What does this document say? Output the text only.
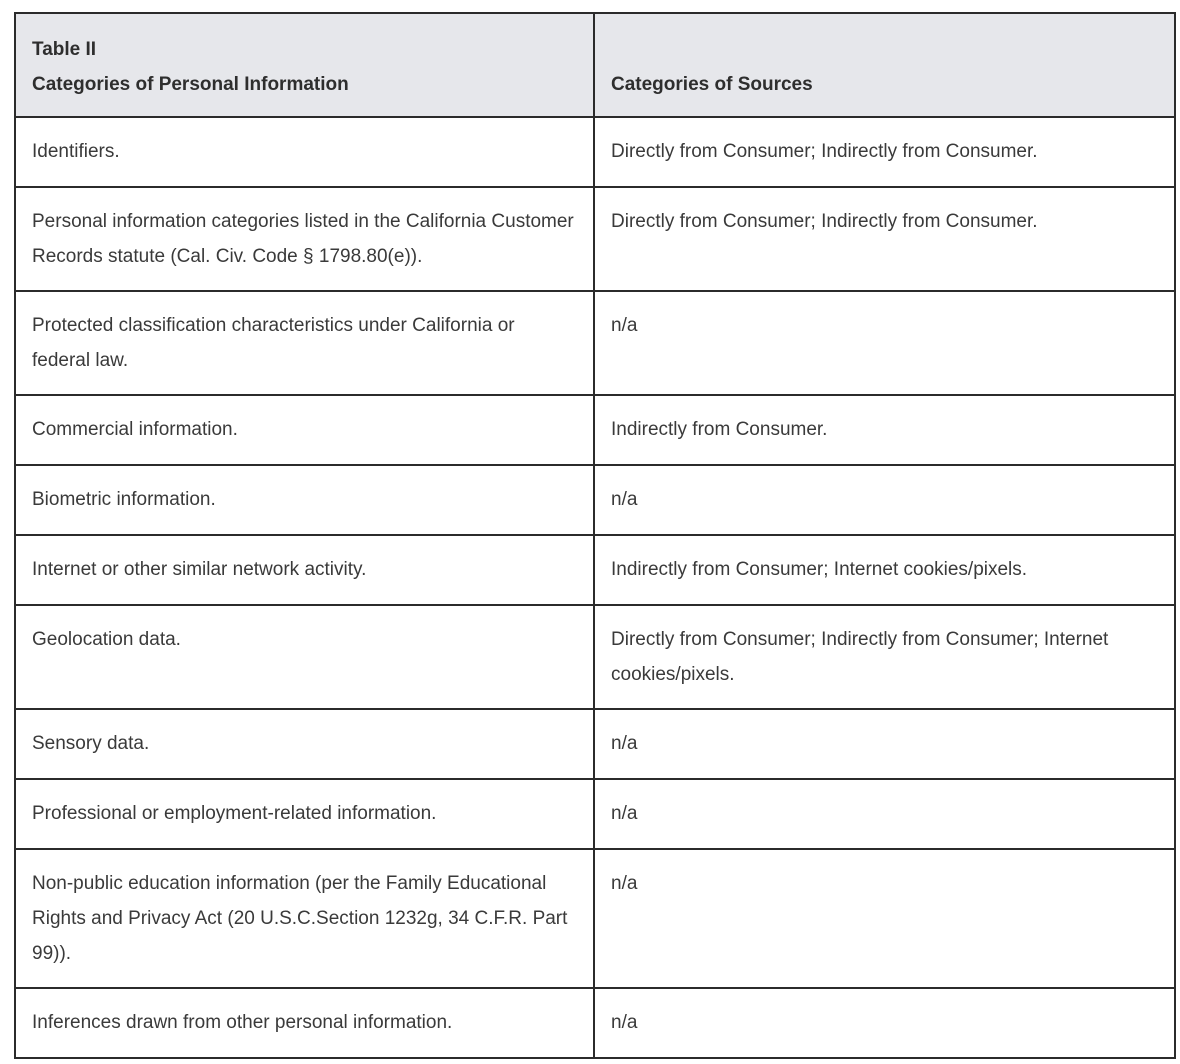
Table II
Categories of Personal Information	Categories of Sources

Identifiers.	Directly from Consumer; Indirectly from Consumer.
Personal information categories listed in the California Customer Records statute (Cal. Civ. Code § 1798.80(e)).	Directly from Consumer; Indirectly from Consumer.
Protected classification characteristics under California or federal law.	n/a
Commercial information.	Indirectly from Consumer.
Biometric information.	n/a
Internet or other similar network activity.	Indirectly from Consumer; Internet cookies/pixels.
Geolocation data.	Directly from Consumer; Indirectly from Consumer; Internet cookies/pixels.
Sensory data.	n/a
Professional or employment-related information.	n/a
Non-public education information (per the Family Educational Rights and Privacy Act (20 U.S.C.Section 1232g, 34 C.F.R. Part 99)).	n/a
Inferences drawn from other personal information.	n/a
